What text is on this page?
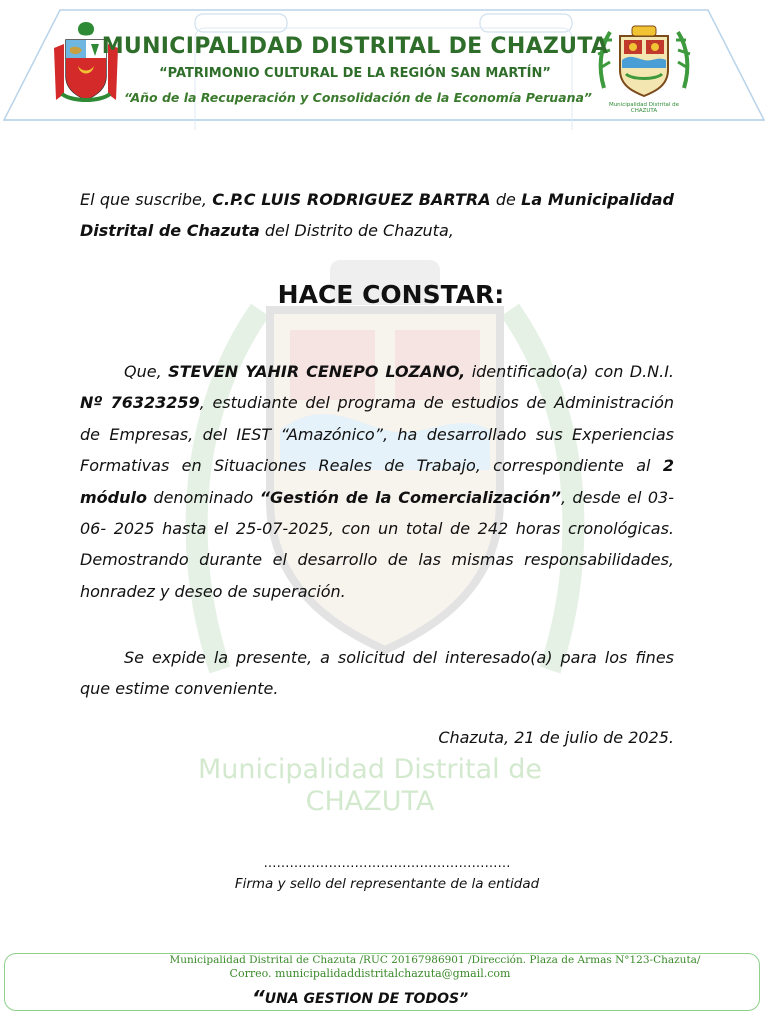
Municipalidad Distrital de
CHAZUTA
MUNICIPALIDAD DISTRITAL DE CHAZUTA
“PATRIMONIO CULTURAL DE LA REGIÓN SAN MARTÍN”
“Año de la Recuperación y Consolidación de la Economía Peruana”
El que suscribe, C.P.C LUIS RODRIGUEZ BARTRA de La Municipalidad Distrital de Chazuta del Distrito de Chazuta,
HACE CONSTAR:
Que, STEVEN YAHIR CENEPO LOZANO, identificado(a) con D.N.I. Nº 76323259, estudiante del programa de estudios de Administración de Empresas, del IEST “Amazónico”, ha desarrollado sus Experiencias Formativas en Situaciones Reales de Trabajo, correspondiente al 2 módulo denominado “Gestión de la Comercialización”, desde el 03-06- 2025 hasta el 25-07-2025, con un total de 242 horas cronológicas. Demostrando durante el desarrollo de las mismas responsabilidades, honradez y deseo de superación.
Se expide la presente, a solicitud del interesado(a) para los fines que estime conveniente.
Chazuta, 21 de julio de 2025.
Municipalidad Distrital de
CHAZUTA
…………………………………………………
Firma y sello del representante de la entidad
Municipalidad Distrital de Chazuta /RUC 20167986901 /Dirección. Plaza de Armas N°123-Chazuta/
Correo. municipalidaddistritalchazuta@gmail.com
“UNA GESTION DE TODOS”
